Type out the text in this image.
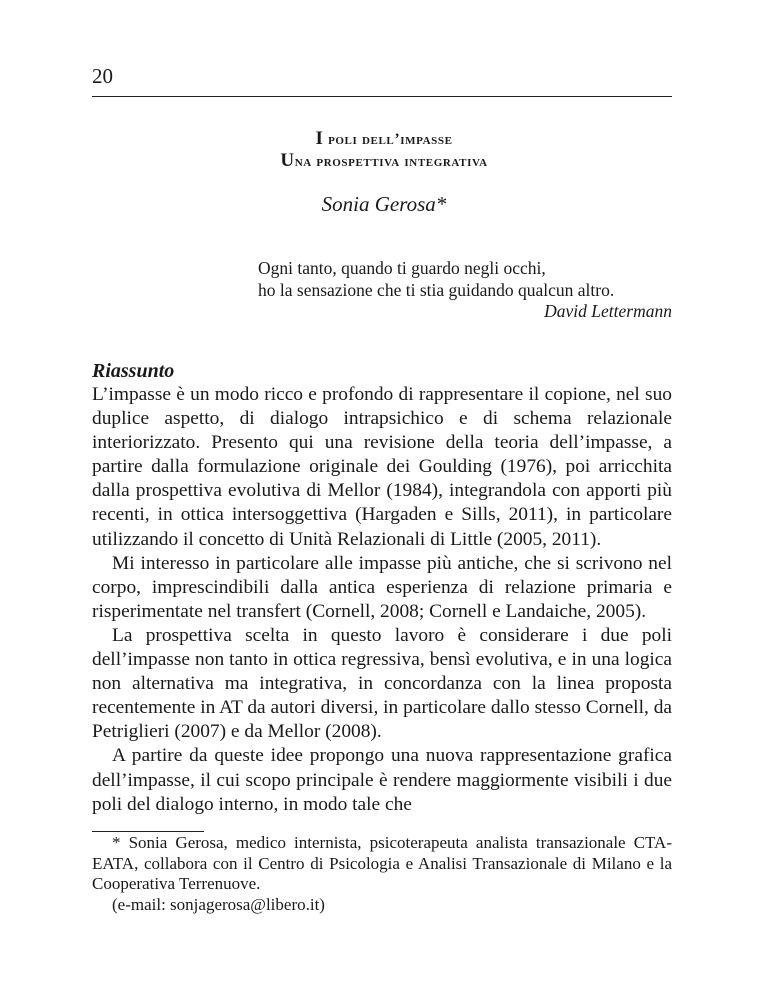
20
I poli dell’impasse
Una prospettiva integrativa
Sonia Gerosa*
Ogni tanto, quando ti guardo negli occhi,
ho la sensazione che ti stia guidando qualcun altro.
David Lettermann
Riassunto

L’impasse è un modo ricco e profondo di rappresentare il copione, nel suo duplice aspetto, di dialogo intrapsichico e di schema relazionale interiorizzato. Presento qui una revisione della teoria dell’impasse, a partire dalla formulazione originale dei Goulding (1976), poi arricchita dalla prospettiva evolutiva di Mellor (1984), integrandola con apporti più recenti, in ottica intersoggettiva (Hargaden e Sills, 2011), in particolare utilizzando il concetto di Unità Relazionali di Little (2005, 2011).

Mi interesso in particolare alle impasse più antiche, che si scrivono nel corpo, imprescindibili dalla antica esperienza di relazione primaria e risperimentate nel transfert (Cornell, 2008; Cornell e Landaiche, 2005).

La prospettiva scelta in questo lavoro è considerare i due poli dell’impasse non tanto in ottica regressiva, bensì evolutiva, e in una logica non alternativa ma integrativa, in concordanza con la linea proposta recentemente in AT da autori diversi, in particolare dallo stesso Cornell, da Petriglieri (2007) e da Mellor (2008).

A partire da queste idee propongo una nuova rappresentazione grafica dell’impasse, il cui scopo principale è rendere maggiormente visibili i due poli del dialogo interno, in modo tale che

* Sonia Gerosa, medico internista, psicoterapeuta analista transazionale CTA-EATA, collabora con il Centro di Psicologia e Analisi Transazionale di Milano e la Cooperativa Terrenuove.

(e-mail: sonjagerosa@libero.it)
